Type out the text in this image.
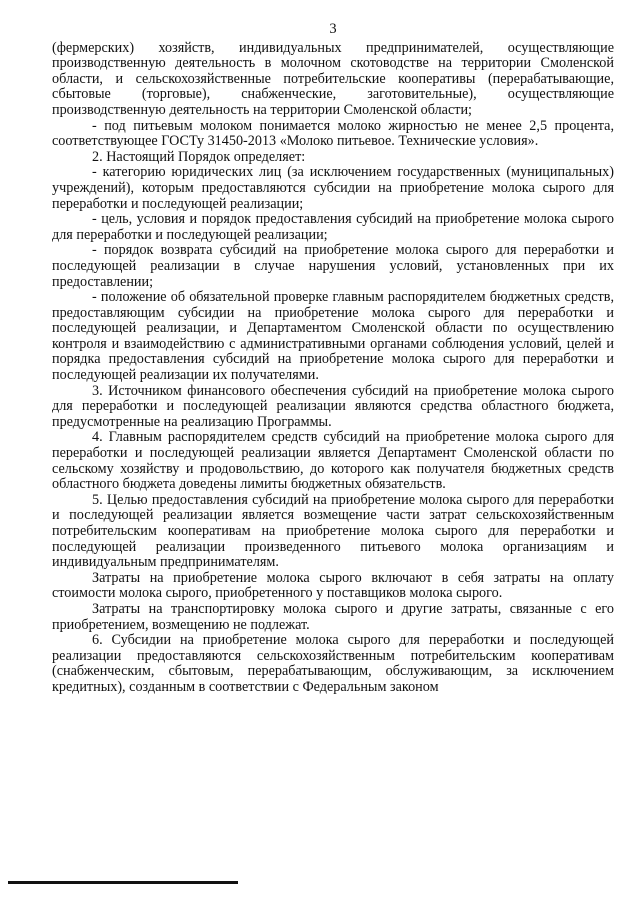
3

(фермерских) хозяйств, индивидуальных предпринимателей, осуществляющие производственную деятельность в молочном скотоводстве на территории Смоленской области, и сельскохозяйственные потребительские кооперативы (перерабатывающие, сбытовые (торговые), снабженческие, заготовительные), осуществляющие производственную деятельность на территории Смоленской области;

- под питьевым молоком понимается молоко жирностью не менее 2,5 процента, соответствующее ГОСТу 31450-2013 «Молоко питьевое. Технические условия».

2. Настоящий Порядок определяет:

- категорию юридических лиц (за исключением государственных (муниципальных) учреждений), которым предоставляются субсидии на приобретение молока сырого для переработки и последующей реализации;

- цель, условия и порядок предоставления субсидий на приобретение молока сырого для переработки и последующей реализации;

- порядок возврата субсидий на приобретение молока сырого для переработки и последующей реализации в случае нарушения условий, установленных при их предоставлении;

- положение об обязательной проверке главным распорядителем бюджетных средств, предоставляющим субсидии на приобретение молока сырого для переработки и последующей реализации, и Департаментом Смоленской области по осуществлению контроля и взаимодействию с административными органами соблюдения условий, целей и порядка предоставления субсидий на приобретение молока сырого для переработки и последующей реализации их получателями.

3. Источником финансового обеспечения субсидий на приобретение молока сырого для переработки и последующей реализации являются средства областного бюджета, предусмотренные на реализацию Программы.

4. Главным распорядителем средств субсидий на приобретение молока сырого для переработки и последующей реализации является Департамент Смоленской области по сельскому хозяйству и продовольствию, до которого как получателя бюджетных средств областного бюджета доведены лимиты бюджетных обязательств.

5. Целью предоставления субсидий на приобретение молока сырого для переработки и последующей реализации является возмещение части затрат сельскохозяйственным потребительским кооперативам на приобретение молока сырого для переработки и последующей реализации произведенного питьевого молока организациям и индивидуальным предпринимателям.

Затраты на приобретение молока сырого включают в себя затраты на оплату стоимости молока сырого, приобретенного у поставщиков молока сырого.

Затраты на транспортировку молока сырого и другие затраты, связанные с его приобретением, возмещению не подлежат.

6. Субсидии на приобретение молока сырого для переработки и последующей реализации предоставляются сельскохозяйственным потребительским кооперативам (снабженческим, сбытовым, перерабатывающим, обслуживающим, за исключением кредитных), созданным в соответствии с Федеральным законом
